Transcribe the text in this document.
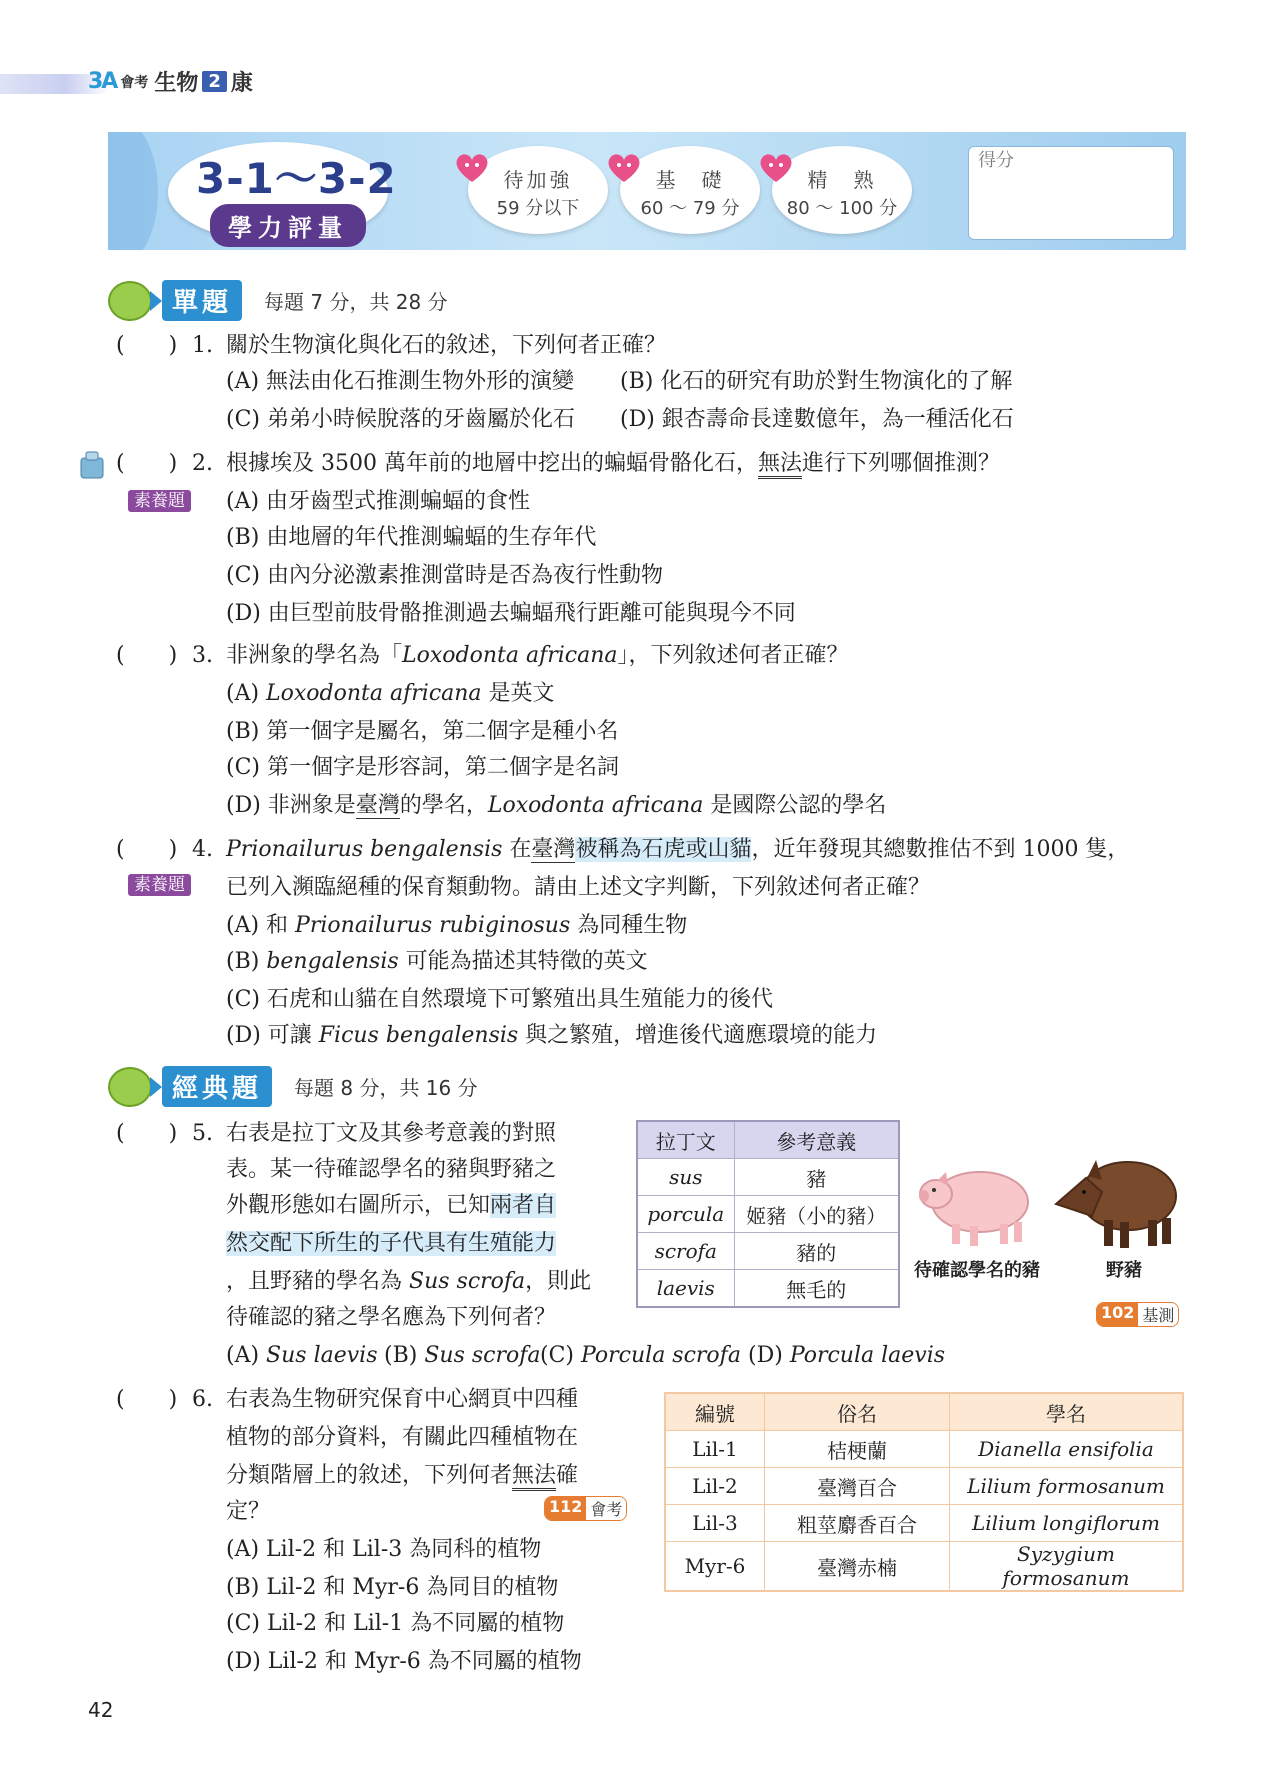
3A 會考 生物 2 康
3-1～3-2
學力評量
待加強
59 分以下
基　礎
60 ～ 79 分
精　熟
80 ～ 100 分
得分
單題	每題 7 分，共 28 分
(　　) 1. 關於生物演化與化石的敘述，下列何者正確？
(A) 無法由化石推測生物外形的演變 (B) 化石的研究有助於對生物演化的了解
(C) 弟弟小時候脫落的牙齒屬於化石 (D) 銀杏壽命長達數億年，為一種活化石
(　　) 2. 根據埃及 3500 萬年前的地層中挖出的蝙蝠骨骼化石，無法進行下列哪個推測？
素養題 (A) 由牙齒型式推測蝙蝠的食性
(B) 由地層的年代推測蝙蝠的生存年代
(C) 由內分泌激素推測當時是否為夜行性動物
(D) 由巨型前肢骨骼推測過去蝙蝠飛行距離可能與現今不同
(　　) 3. 非洲象的學名為「Loxodonta africana」，下列敘述何者正確？
(A) Loxodonta africana 是英文
(B) 第一個字是屬名，第二個字是種小名
(C) 第一個字是形容詞，第二個字是名詞
(D) 非洲象是臺灣的學名，Loxodonta africana 是國際公認的學名
(　　) 4. Prionailurus bengalensis 在臺灣被稱為石虎或山貓，近年發現其總數推估不到 1000 隻，
素養題 已列入瀕臨絕種的保育類動物。請由上述文字判斷，下列敘述何者正確？
(A) 和 Prionailurus rubiginosus 為同種生物
(B) bengalensis 可能為描述其特徵的英文
(C) 石虎和山貓在自然環境下可繁殖出具生殖能力的後代
(D) 可讓 Ficus bengalensis 與之繁殖，增進後代適應環境的能力
經典題	每題 8 分，共 16 分
(　　) 5. 右表是拉丁文及其參考意義的對照
表。某一待確認學名的豬與野豬之
外觀形態如右圖所示，已知兩者自
然交配下所生的子代具有生殖能力
，且野豬的學名為 Sus scrofa，則此
待確認的豬之學名應為下列何者？
(A) Sus laevis (B) Sus scrofa (C) Porcula scrofa (D) Porcula laevis
拉丁文	參考意義
sus	豬
porcula	姬豬（小的豬）
scrofa	豬的
laevis	無毛的
待確認學名的豬	野豬
102 基測
(　　) 6. 右表為生物研究保育中心網頁中四種
植物的部分資料，有關此四種植物在
分類階層上的敘述，下列何者無法確
定？	112 會考
(A) Lil-2 和 Lil-3 為同科的植物
(B) Lil-2 和 Myr-6 為同目的植物
(C) Lil-2 和 Lil-1 為不同屬的植物
(D) Lil-2 和 Myr-6 為不同屬的植物
編號	俗名	學名
Lil-1	桔梗蘭	Dianella ensifolia
Lil-2	臺灣百合	Lilium formosanum
Lil-3	粗莖麝香百合	Lilium longiflorum
Myr-6	臺灣赤楠	Syzygium formosanum
42
